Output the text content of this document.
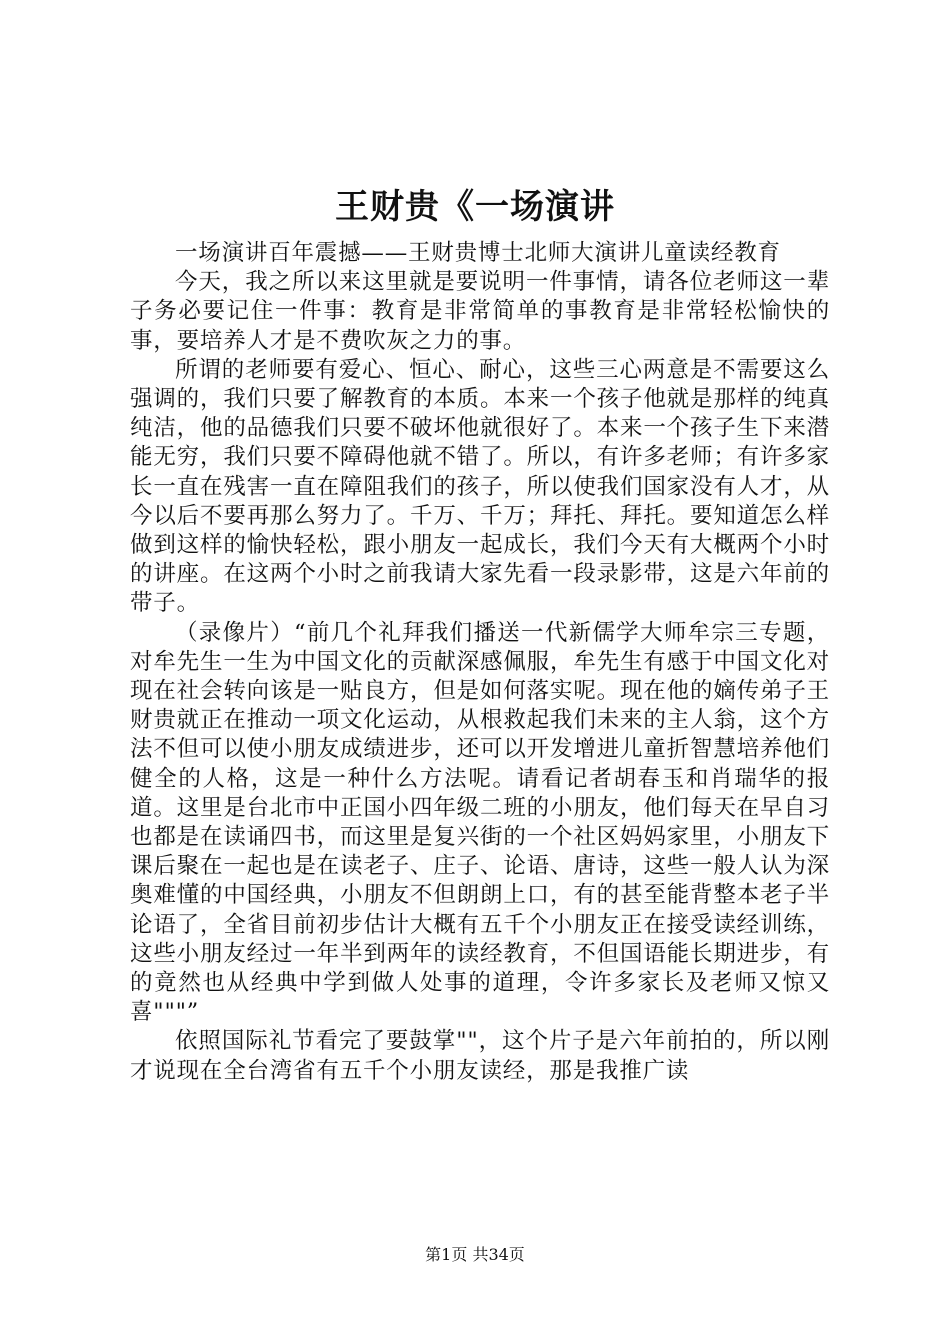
王财贵《一场演讲

一场演讲百年震撼——王财贵博士北师大演讲儿童读经教育

今天，我之所以来这里就是要说明一件事情，请各位老师这一辈子务必要记住一件事：教育是非常简单的事教育是非常轻松愉快的事，要培养人才是不费吹灰之力的事。

所谓的老师要有爱心、恒心、耐心，这些三心两意是不需要这么强调的，我们只要了解教育的本质。本来一个孩子他就是那样的纯真纯洁，他的品德我们只要不破坏他就很好了。本来一个孩子生下来潜能无穷，我们只要不障碍他就不错了。所以，有许多老师；有许多家长一直在残害一直在障阻我们的孩子，所以使我们国家没有人才，从今以后不要再那么努力了。千万、千万；拜托、拜托。要知道怎么样做到这样的愉快轻松，跟小朋友一起成长，我们今天有大概两个小时的讲座。在这两个小时之前我请大家先看一段录影带，这是六年前的带子。

（录像片）“前几个礼拜我们播送一代新儒学大师牟宗三专题，对牟先生一生为中国文化的贡献深感佩服，牟先生有感于中国文化对现在社会转向该是一贴良方，但是如何落实呢。现在他的嫡传弟子王财贵就正在推动一项文化运动，从根救起我们未来的主人翁，这个方法不但可以使小朋友成绩进步，还可以开发增进儿童折智慧培养他们健全的人格，这是一种什么方法呢。请看记者胡春玉和肖瑞华的报道。这里是台北市中正国小四年级二班的小朋友，他们每天在早自习也都是在读诵四书，而这里是复兴街的一个社区妈妈家里，小朋友下课后聚在一起也是在读老子、庄子、论语、唐诗，这些一般人认为深奥难懂的中国经典，小朋友不但朗朗上口，有的甚至能背整本老子半论语了，全省目前初步估计大概有五千个小朋友正在接受读经训练，这些小朋友经过一年半到两年的读经教育，不但国语能长期进步，有的竟然也从经典中学到做人处事的道理，令许多家长及老师又惊又喜"""”

依照国际礼节看完了要鼓掌""，这个片子是六年前拍的，所以刚才说现在全台湾省有五千个小朋友读经，那是我推广读

第1页 共34页
